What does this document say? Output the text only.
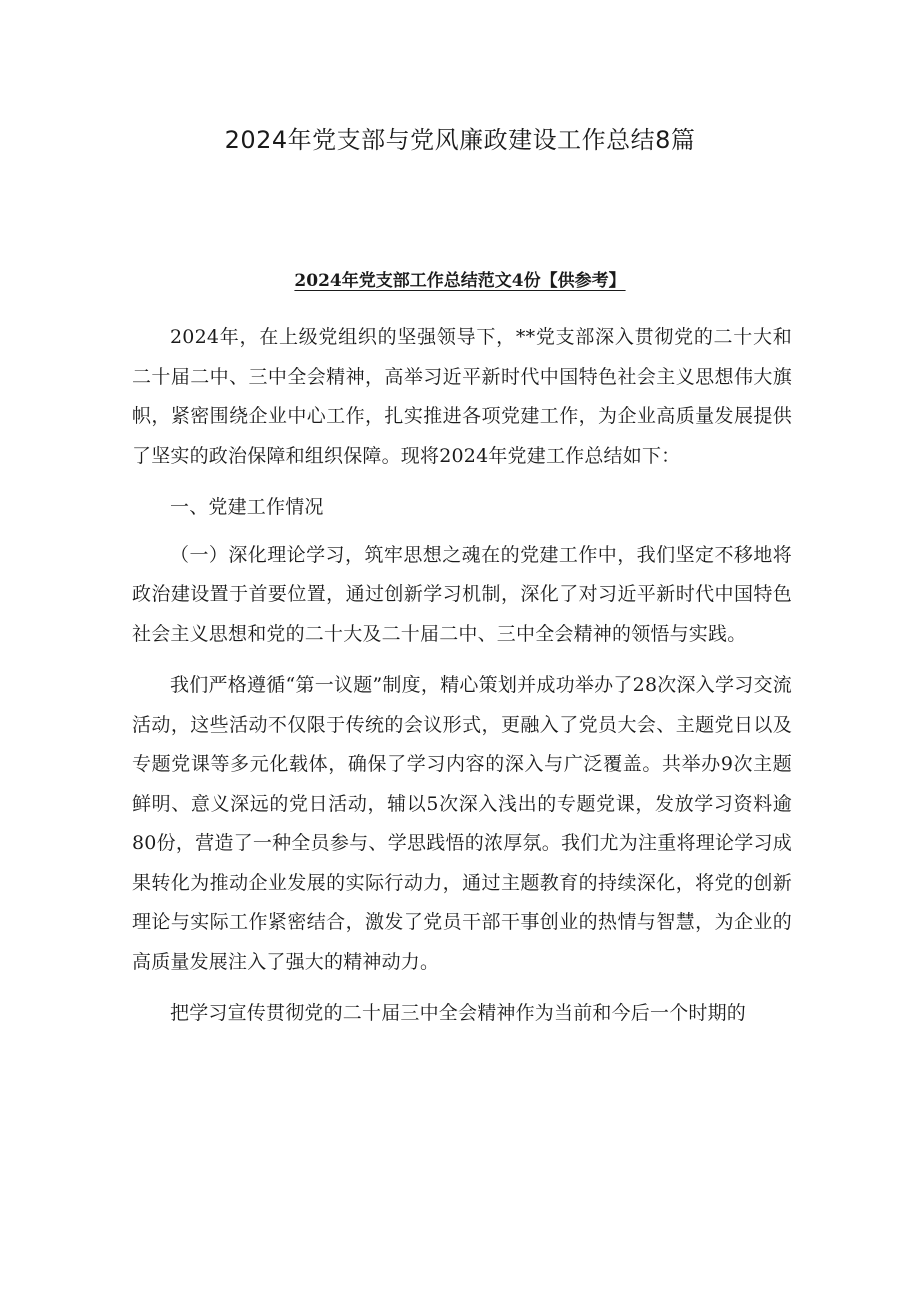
2024年党支部与党风廉政建设工作总结8篇
2024年党支部工作总结范文4份【供参考】

2024年，在上级党组织的坚强领导下，**党支部深入贯彻党的二十大和二十届二中、三中全会精神，高举习近平新时代中国特色社会主义思想伟大旗帜，紧密围绕企业中心工作，扎实推进各项党建工作，为企业高质量发展提供了坚实的政治保障和组织保障。现将2024年党建工作总结如下：

一、党建工作情况

（一）深化理论学习，筑牢思想之魂在的党建工作中，我们坚定不移地将政治建设置于首要位置，通过创新学习机制，深化了对习近平新时代中国特色社会主义思想和党的二十大及二十届二中、三中全会精神的领悟与实践。

我们严格遵循“第一议题”制度，精心策划并成功举办了28次深入学习交流活动，这些活动不仅限于传统的会议形式，更融入了党员大会、主题党日以及专题党课等多元化载体，确保了学习内容的深入与广泛覆盖。共举办9次主题鲜明、意义深远的党日活动，辅以5次深入浅出的专题党课，发放学习资料逾80份，营造了一种全员参与、学思践悟的浓厚氛。我们尤为注重将理论学习成果转化为推动企业发展的实际行动力，通过主题教育的持续深化，将党的创新理论与实际工作紧密结合，激发了党员干部干事创业的热情与智慧，为企业的高质量发展注入了强大的精神动力。

把学习宣传贯彻党的二十届三中全会精神作为当前和今后一个时期的
